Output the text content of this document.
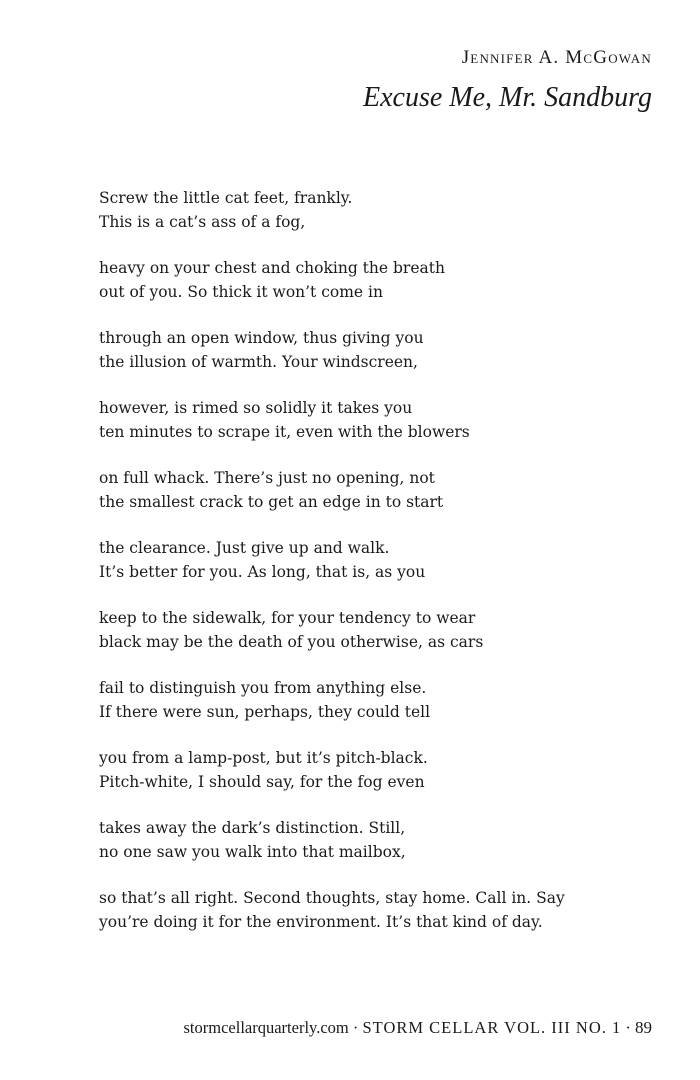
Jennifer A. McGowan
Excuse Me, Mr. Sandburg
Screw the little cat feet, frankly.
This is a cat’s ass of a fog,
heavy on your chest and choking the breath
out of you. So thick it won’t come in
through an open window, thus giving you
the illusion of warmth. Your windscreen,
however, is rimed so solidly it takes you
ten minutes to scrape it, even with the blowers
on full whack. There’s just no opening, not
the smallest crack to get an edge in to start
the clearance. Just give up and walk.
It’s better for you. As long, that is, as you
keep to the sidewalk, for your tendency to wear
black may be the death of you otherwise, as cars
fail to distinguish you from anything else.
If there were sun, perhaps, they could tell
you from a lamp-post, but it’s pitch-black.
Pitch-white, I should say, for the fog even
takes away the dark’s distinction. Still,
no one saw you walk into that mailbox,
so that’s all right. Second thoughts, stay home. Call in. Say
you’re doing it for the environment. It’s that kind of day.
stormcellarquarterly.com · STORM CELLAR VOL. III NO. 1 · 89
